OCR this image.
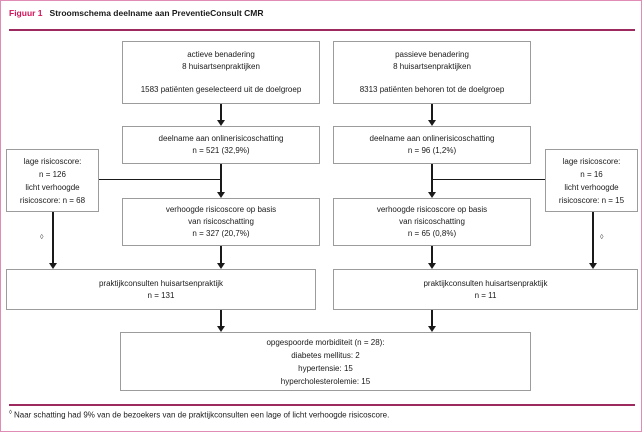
Figuur 1 Stroomschema deelname aan PreventieConsult CMR
actieve benadering
8 huisartsenpraktijken
1583 patiënten geselecteerd uit de doelgroep
passieve benadering
8 huisartsenpraktijken
8313 patiënten behoren tot de doelgroep
deelname aan onlinerisicoschatting
n = 521 (32,9%)
deelname aan onlinerisicoschatting
n = 96 (1,2%)
lage risicoscore:
n = 126
licht verhoogde
risicoscore: n = 68
lage risicoscore:
n = 16
licht verhoogde
risicoscore: n = 15
verhoogde risicoscore op basis
van risicoschatting
n = 327 (20,7%)
verhoogde risicoscore op basis
van risicoschatting
n = 65 (0,8%)
◊	◊
praktijkconsulten huisartsenpraktijk
n = 131
praktijkconsulten huisartsenpraktijk
n = 11
opgespoorde morbiditeit (n = 28):
diabetes mellitus: 2
hypertensie: 15
hypercholesterolemie: 15
◊ Naar schatting had 9% van de bezoekers van de praktijkconsulten een lage of licht verhoogde risicoscore.
